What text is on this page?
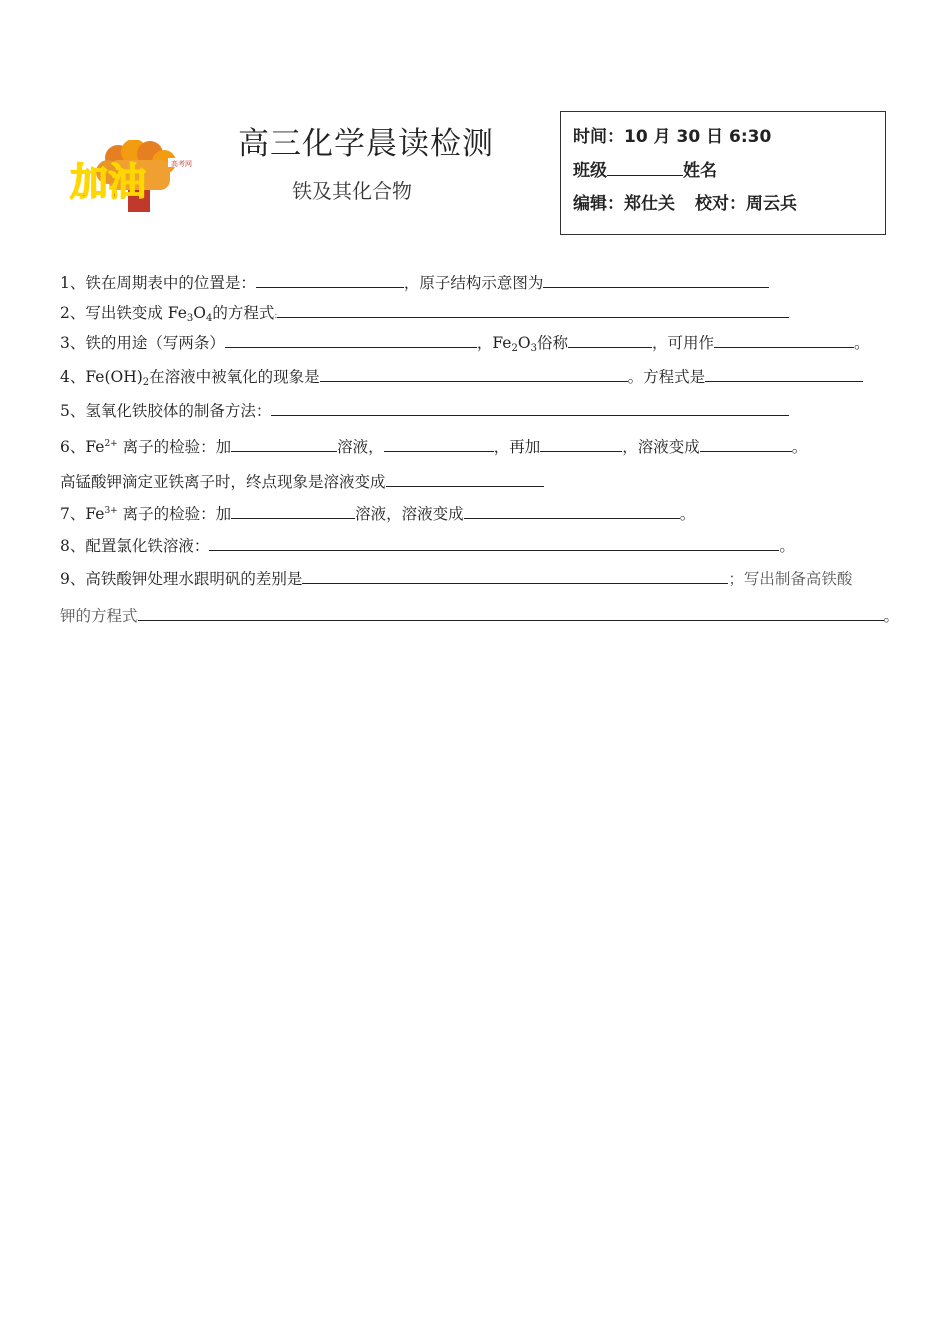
加油	高考网
高三化学晨读检测
铁及其化合物
时间：10 月 30 日 6:30
班级	姓名
编辑：郑仕关 校对：周云兵
1、铁在周期表中的位置是：	，原子结构示意图为
2、写出铁变成 $Fe_3O_4$的方程式:
3、铁的用途（写两条）	，$Fe_2O_3$俗称	，可用作	。
4、$Fe(OH)_2$在溶液中被氧化的现象是	。方程式是
5、氢氧化铁胶体的制备方法：
6、$Fe^{2+}$ 离子的检验：加	溶液，	，再加	，溶液变成	。
高锰酸钾滴定亚铁离子时，终点现象是溶液变成
7、$Fe^{3+}$ 离子的检验：加	溶液，溶液变成	。
8、配置氯化铁溶液：	。
9、高铁酸钾处理水跟明矾的差别是	；写出制备高铁酸
钾的方程式	。
